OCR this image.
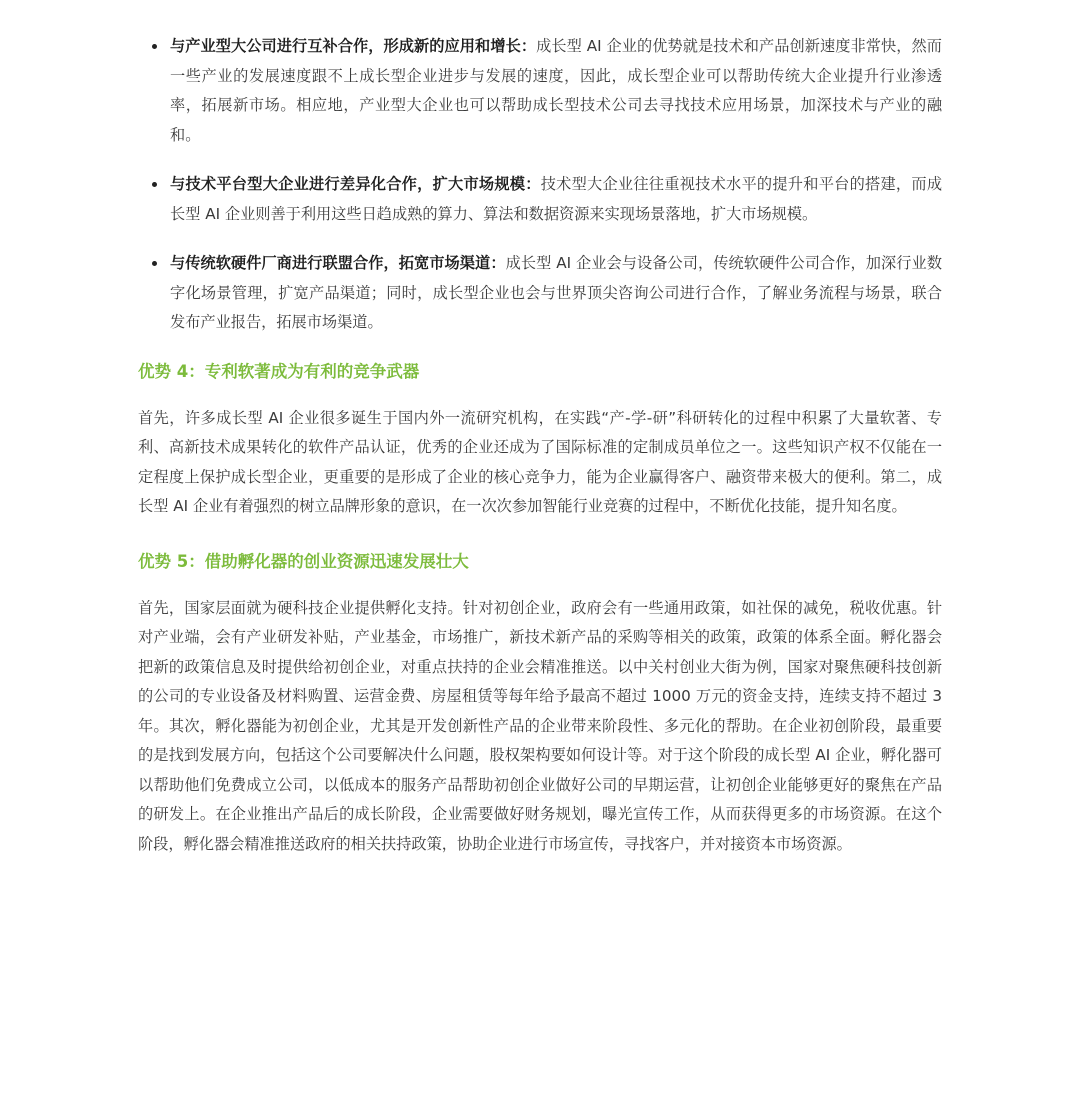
与产业型大公司进行互补合作，形成新的应用和增长：成长型 AI 企业的优势就是技术和产品创新速度非常快，然而一些产业的发展速度跟不上成长型企业进步与发展的速度，因此，成长型企业可以帮助传统大企业提升行业渗透率，拓展新市场。相应地，产业型大企业也可以帮助成长型技术公司去寻找技术应用场景，加深技术与产业的融和。
与技术平台型大企业进行差异化合作，扩大市场规模：技术型大企业往往重视技术水平的提升和平台的搭建，而成长型 AI 企业则善于利用这些日趋成熟的算力、算法和数据资源来实现场景落地，扩大市场规模。
与传统软硬件厂商进行联盟合作，拓宽市场渠道：成长型 AI 企业会与设备公司，传统软硬件公司合作，加深行业数字化场景管理，扩宽产品渠道；同时，成长型企业也会与世界顶尖咨询公司进行合作，了解业务流程与场景，联合发布产业报告，拓展市场渠道。
优势 4：专利软著成为有利的竞争武器

首先，许多成长型 AI 企业很多诞生于国内外一流研究机构，在实践“产-学-研”科研转化的过程中积累了大量软著、专利、高新技术成果转化的软件产品认证，优秀的企业还成为了国际标准的定制成员单位之一。这些知识产权不仅能在一定程度上保护成长型企业，更重要的是形成了企业的核心竞争力，能为企业赢得客户、融资带来极大的便利。第二，成长型 AI 企业有着强烈的树立品牌形象的意识，在一次次参加智能行业竞赛的过程中，不断优化技能，提升知名度。

优势 5：借助孵化器的创业资源迅速发展壮大

首先，国家层面就为硬科技企业提供孵化支持。针对初创企业，政府会有一些通用政策，如社保的减免，税收优惠。针对产业端，会有产业研发补贴，产业基金，市场推广，新技术新产品的采购等相关的政策，政策的体系全面。孵化器会把新的政策信息及时提供给初创企业，对重点扶持的企业会精准推送。以中关村创业大街为例，国家对聚焦硬科技创新的公司的专业设备及材料购置、运营金费、房屋租赁等每年给予最高不超过 1000 万元的资金支持，连续支持不超过 3 年。其次，孵化器能为初创企业，尤其是开发创新性产品的企业带来阶段性、多元化的帮助。在企业初创阶段，最重要的是找到发展方向，包括这个公司要解决什么问题，股权架构要如何设计等。对于这个阶段的成长型 AI 企业，孵化器可以帮助他们免费成立公司，以低成本的服务产品帮助初创企业做好公司的早期运营，让初创企业能够更好的聚焦在产品的研发上。在企业推出产品后的成长阶段，企业需要做好财务规划，曝光宣传工作，从而获得更多的市场资源。在这个阶段，孵化器会精准推送政府的相关扶持政策，协助企业进行市场宣传，寻找客户，并对接资本市场资源。
